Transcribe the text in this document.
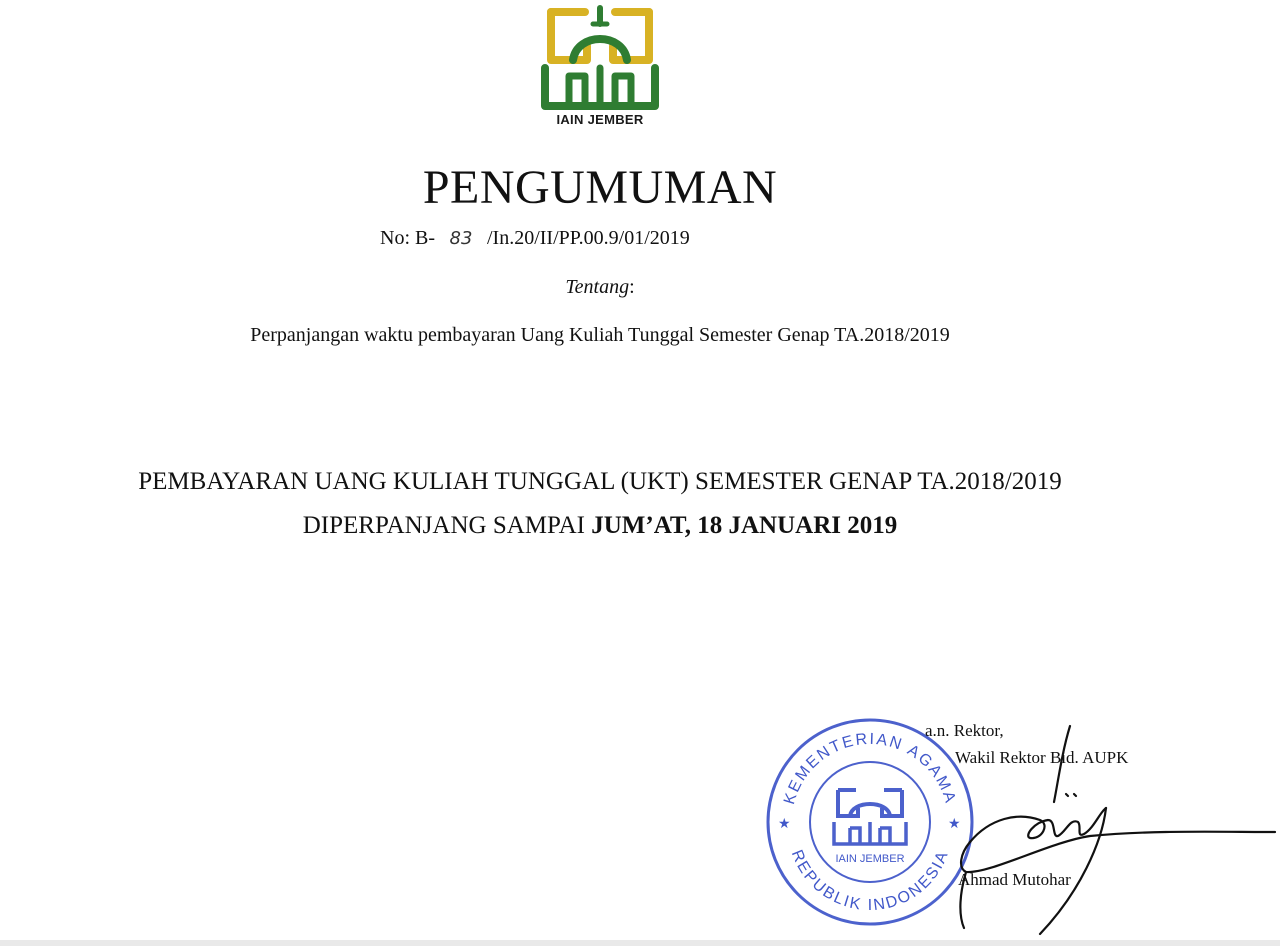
IAIN JEMBER
PENGUMUMAN
No: B- 83 /In.20/II/PP.00.9/01/2019
Tentang:
Perpanjangan waktu pembayaran Uang Kuliah Tunggal Semester Genap TA.2018/2019
PEMBAYARAN UANG KULIAH TUNGGAL (UKT) SEMESTER GENAP TA.2018/2019
DIPERPANJANG SAMPAI JUM’AT, 18 JANUARI 2019
KEMENTERIAN AGAMA
REPUBLIK INDONESIA
IAIN JEMBER
★	★
a.n. Rektor,
Wakil Rektor Bid. AUPK
Ahmad Mutohar
